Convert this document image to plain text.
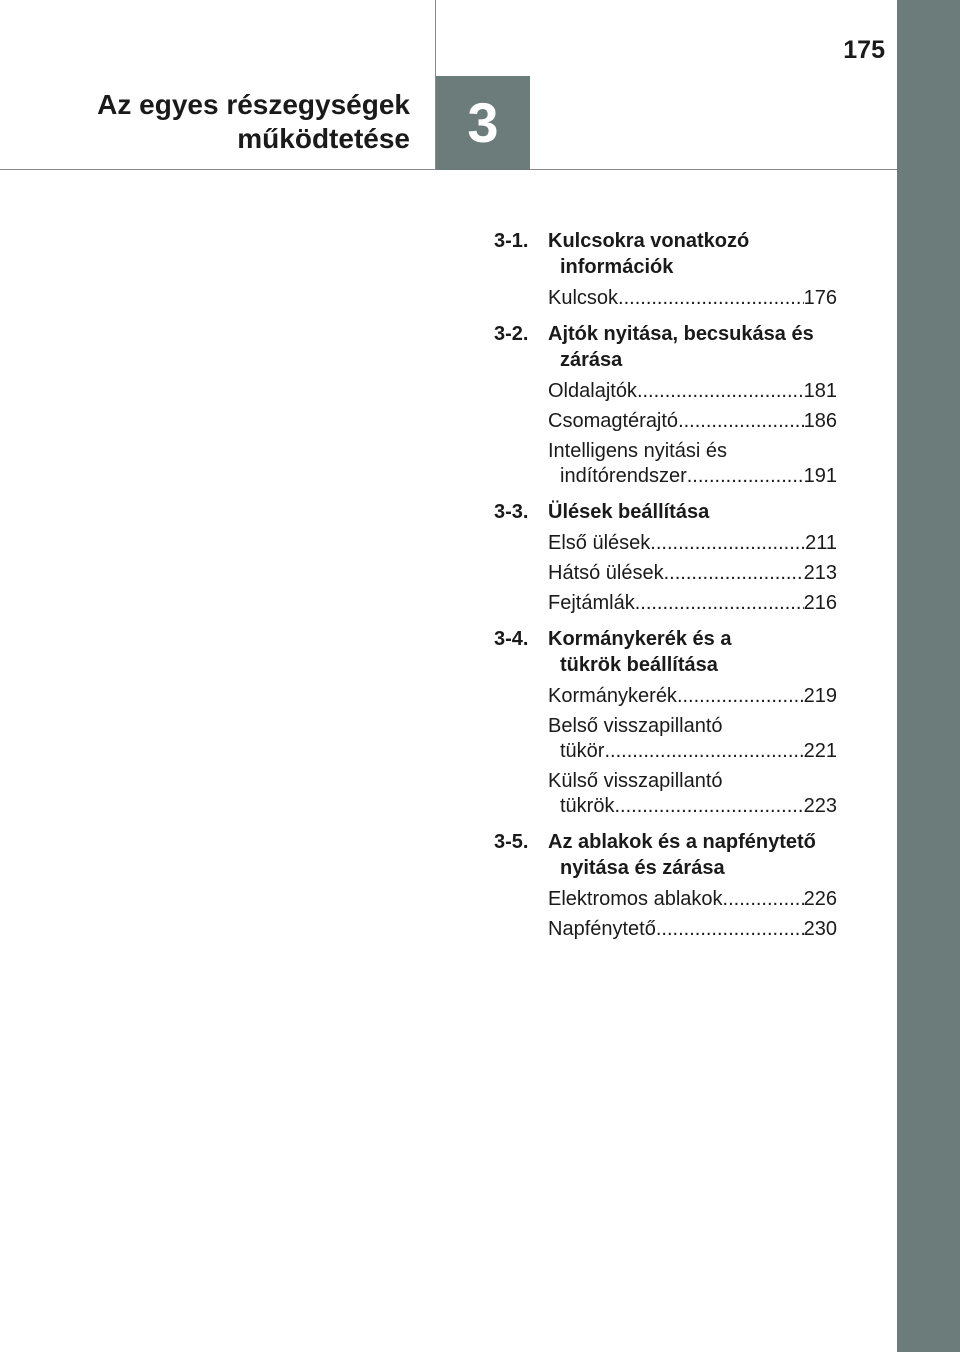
175
Az egyes részegységek
működtetése	3
3-1. Kulcsokra vonatkozó
információk
Kulcsok .....	176
3-2. Ajtók nyitása, becsukása és
zárása
Oldalajtók .....	181
Csomagtérajtó .....	186
Intelligens nyitási és
indítórendszer .....	191
3-3. Ülések beállítása
Első ülések .....	211
Hátsó ülések .....	213
Fejtámlák .....	216
3-4. Kormánykerék és a
tükrök beállítása
Kormánykerék .....	219
Belső visszapillantó
tükör .....	221
Külső visszapillantó
tükrök .....	223
3-5. Az ablakok és a napfénytető
nyitása és zárása
Elektromos ablakok .....	226
Napfénytető .....	230
